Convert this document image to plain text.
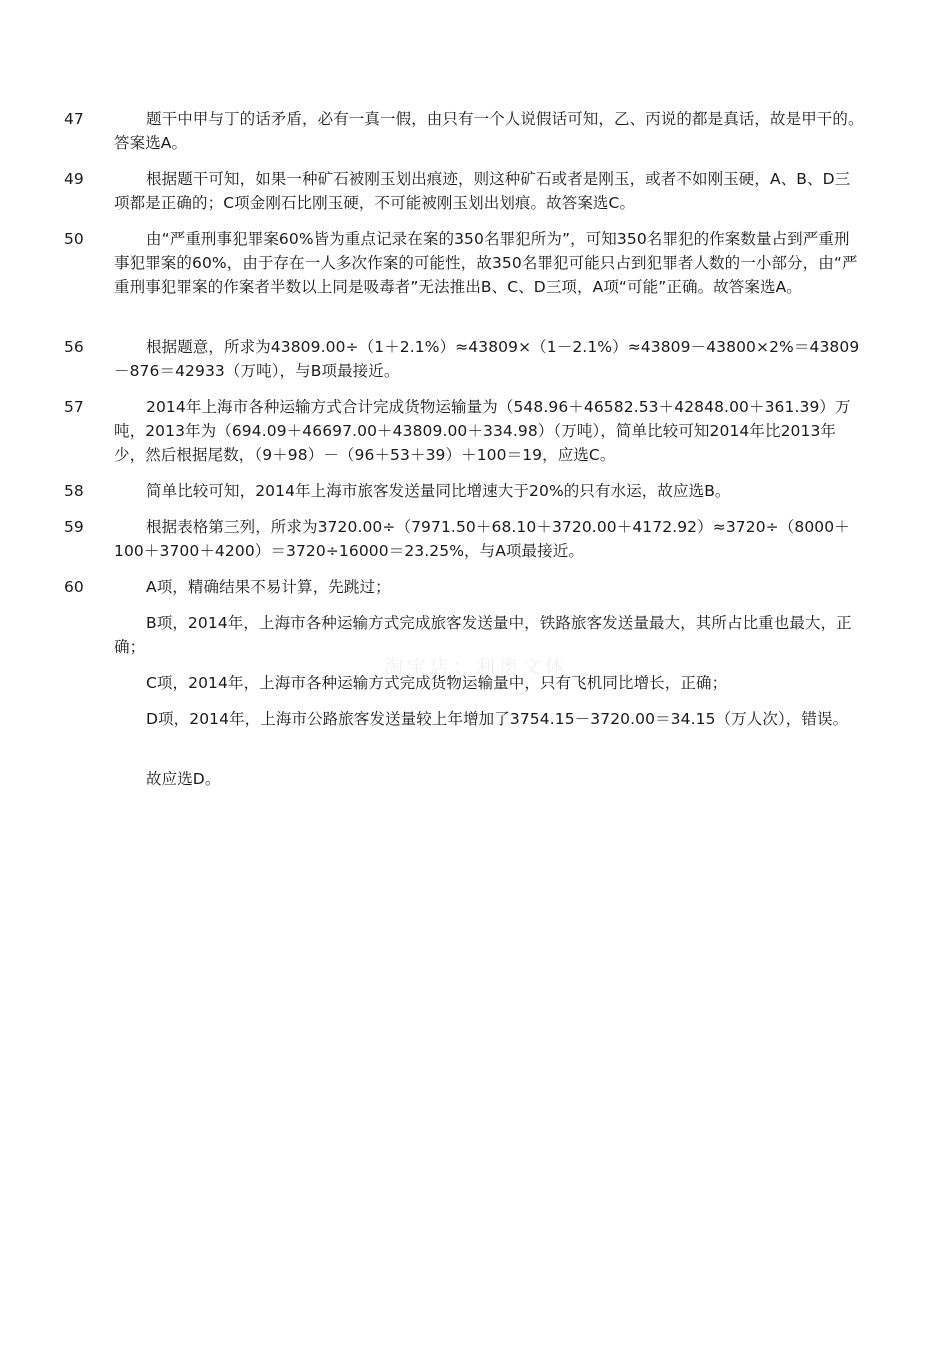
47	题干中甲与丁的话矛盾，必有一真一假，由只有一个人说假话可知，乙、丙说的都是真话，故是甲干的。答案选A。
49	根据题干可知，如果一种矿石被刚玉划出痕迹，则这种矿石或者是刚玉，或者不如刚玉硬，A、B、D三项都是正确的；C项金刚石比刚玉硬，不可能被刚玉划出划痕。故答案选C。
50	由“严重刑事犯罪案60%皆为重点记录在案的350名罪犯所为”，可知350名罪犯的作案数量占到严重刑事犯罪案的60%，由于存在一人多次作案的可能性，故350名罪犯可能只占到犯罪者人数的一小部分，由“严重刑事犯罪案的作案者半数以上同是吸毒者”无法推出B、C、D三项，A项“可能”正确。故答案选A。
56	根据题意，所求为43809.00÷（1＋2.1%）≈43809×（1－2.1%）≈43809－43800×2%＝43809－876＝42933（万吨），与B项最接近。
57	2014年上海市各种运输方式合计完成货物运输量为（548.96＋46582.53＋42848.00＋361.39）万吨，2013年为（694.09＋46697.00＋43809.00＋334.98）（万吨），简单比较可知2014年比2013年少，然后根据尾数，（9＋98）－（96＋53＋39）＋100＝19，应选C。
58	简单比较可知，2014年上海市旅客发送量同比增速大于20%的只有水运，故应选B。
59	根据表格第三列，所求为3720.00÷（7971.50＋68.10＋3720.00＋4172.92）≈3720÷（8000＋100＋3700＋4200）＝3720÷16000＝23.25%，与A项最接近。
60	A项，精确结果不易计算，先跳过；
B项，2014年，上海市各种运输方式完成旅客发送量中，铁路旅客发送量最大，其所占比重也最大，正确；
C项，2014年，上海市各种运输方式完成货物运输量中，只有飞机同比增长，正确；
D项，2014年，上海市公路旅客发送量较上年增加了3754.15－3720.00＝34.15（万人次），错误。
故应选D。
淘宝店：利奥文体
